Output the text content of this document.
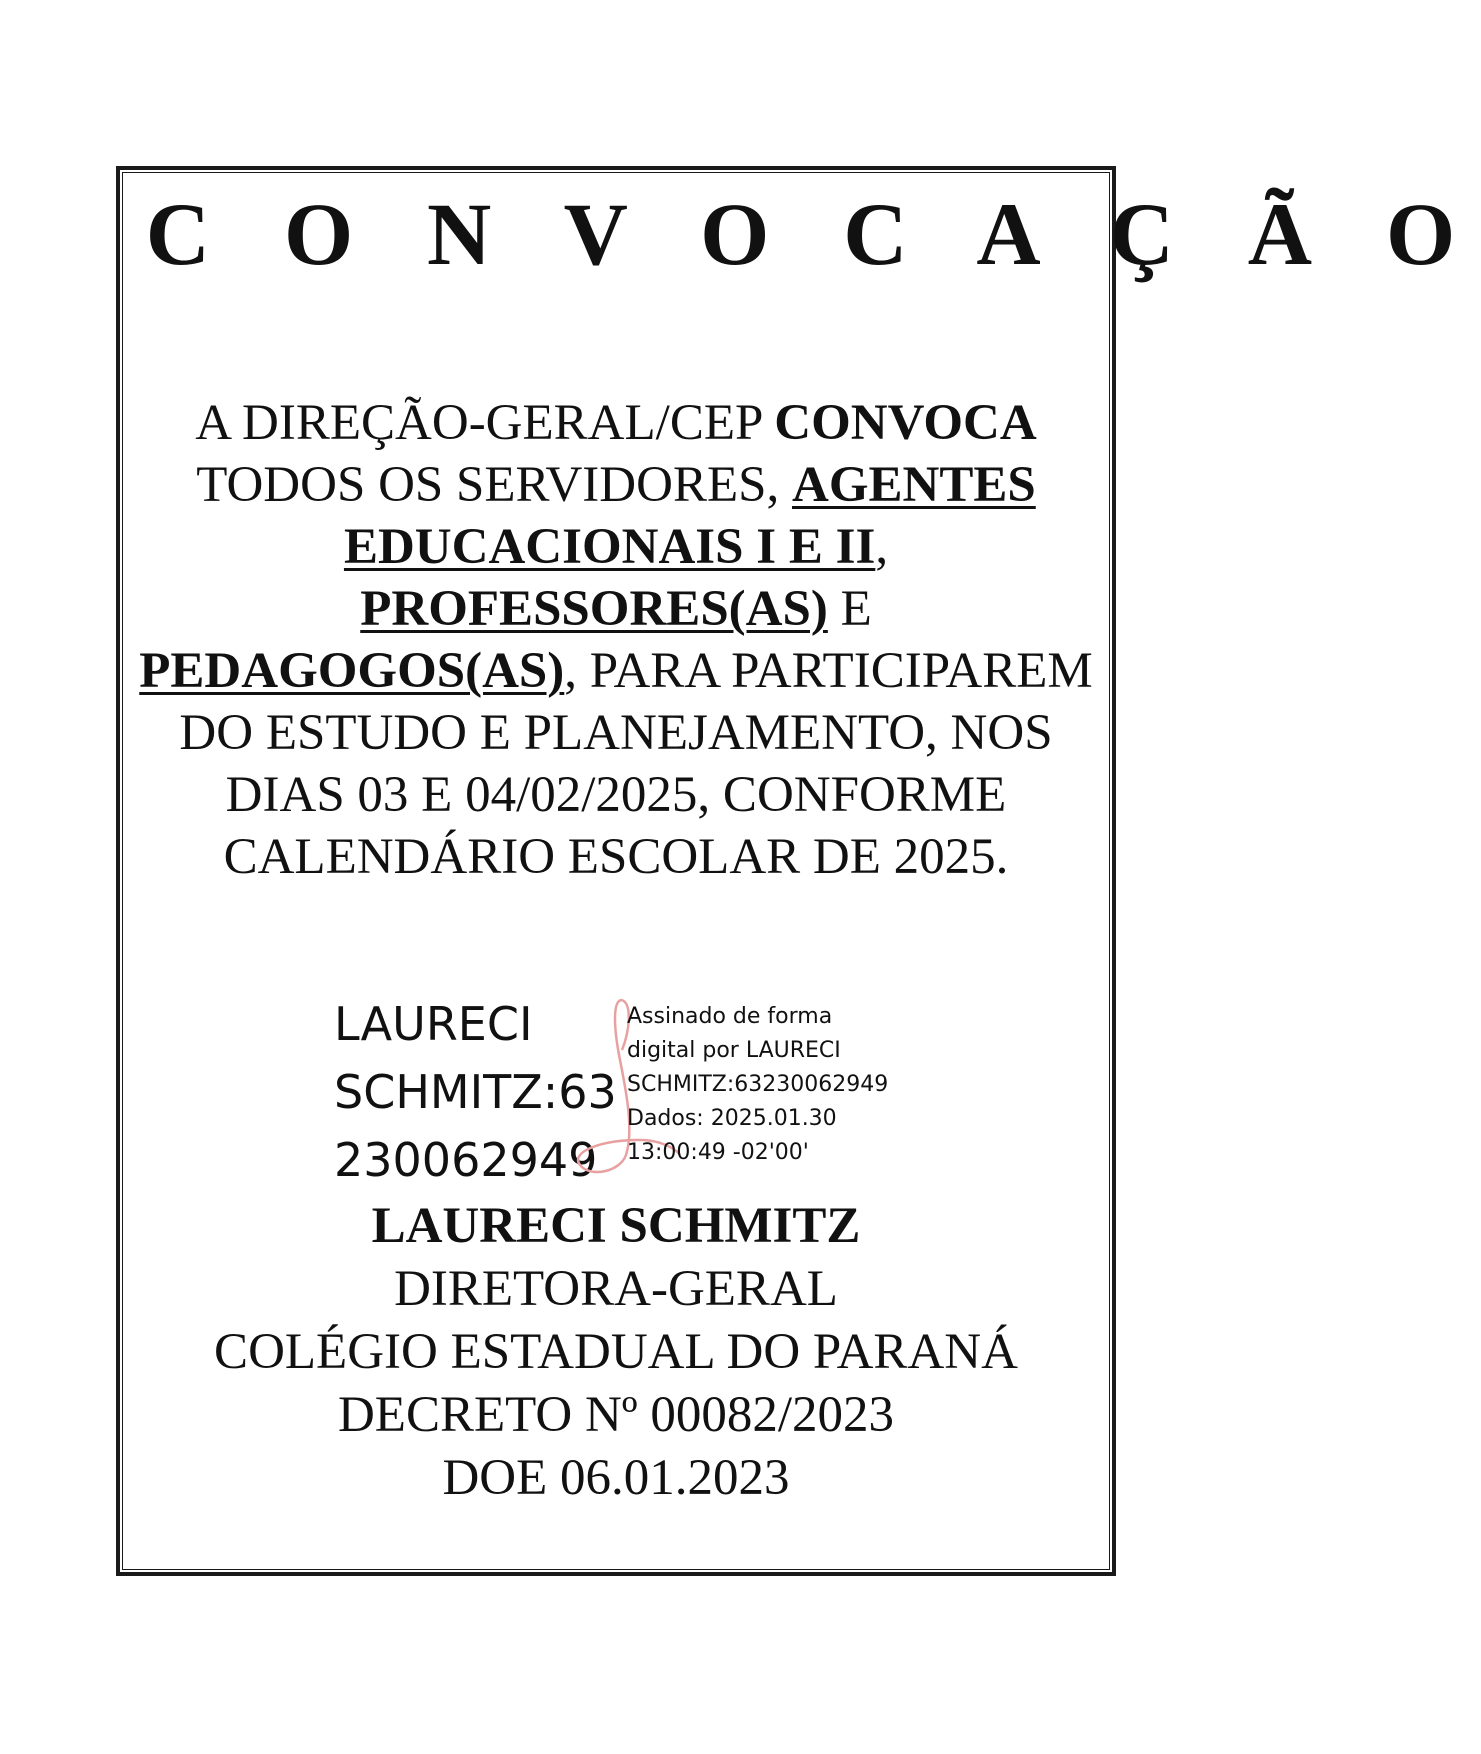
C O N V O C A Ç Ã O
A DIREÇÃO-GERAL/CEP CONVOCA TODOS OS SERVIDORES, AGENTES EDUCACIONAIS I E II,
PROFESSORES(AS) E
PEDAGOGOS(AS), PARA PARTICIPAREM DO ESTUDO E PLANEJAMENTO, NOS DIAS 03 E 04/02/2025, CONFORME CALENDÁRIO ESCOLAR DE 2025.
LAURECI
SCHMITZ:63
230062949
Assinado de forma
digital por LAURECI
SCHMITZ:63230062949
Dados: 2025.01.30
13:00:49 -02'00'
LAURECI SCHMITZ
DIRETORA-GERAL
COLÉGIO ESTADUAL DO PARANÁ
DECRETO Nº 00082/2023
DOE 06.01.2023
